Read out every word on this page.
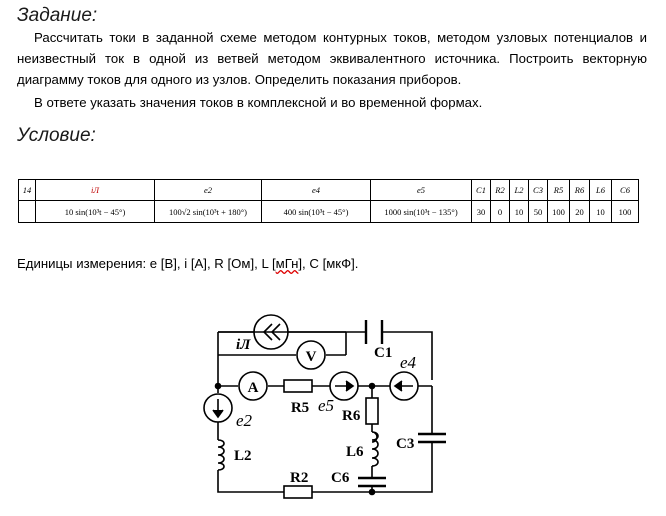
Задание:

Рассчитать токи в заданной схеме методом контурных токов, методом узловых потенциалов и неизвестный ток в одной из ветвей методом эквивалентного источника. Построить векторную диаграмму токов для одного из узлов. Определить показания приборов.

В ответе указать значения токов в комплексной и во временной формах.

Условие:
14	iЛ	e2	e4	e5	C1	R2	L2	C3	R5	R6	L6	C6
	10 sin(10³t − 45°)	100√2 sin(10³t + 180°)	400 sin(10³t − 45°)	1000 sin(10³t − 135°)	30	0	10	50	100	20	10	100

Единицы измерения: e [В], i [А], R [Ом], L [мГн], C [мкФ].

V
iЛ
A
R5 e5
C1 e4
C3
R6
L6
C6
e2
L2
R2
